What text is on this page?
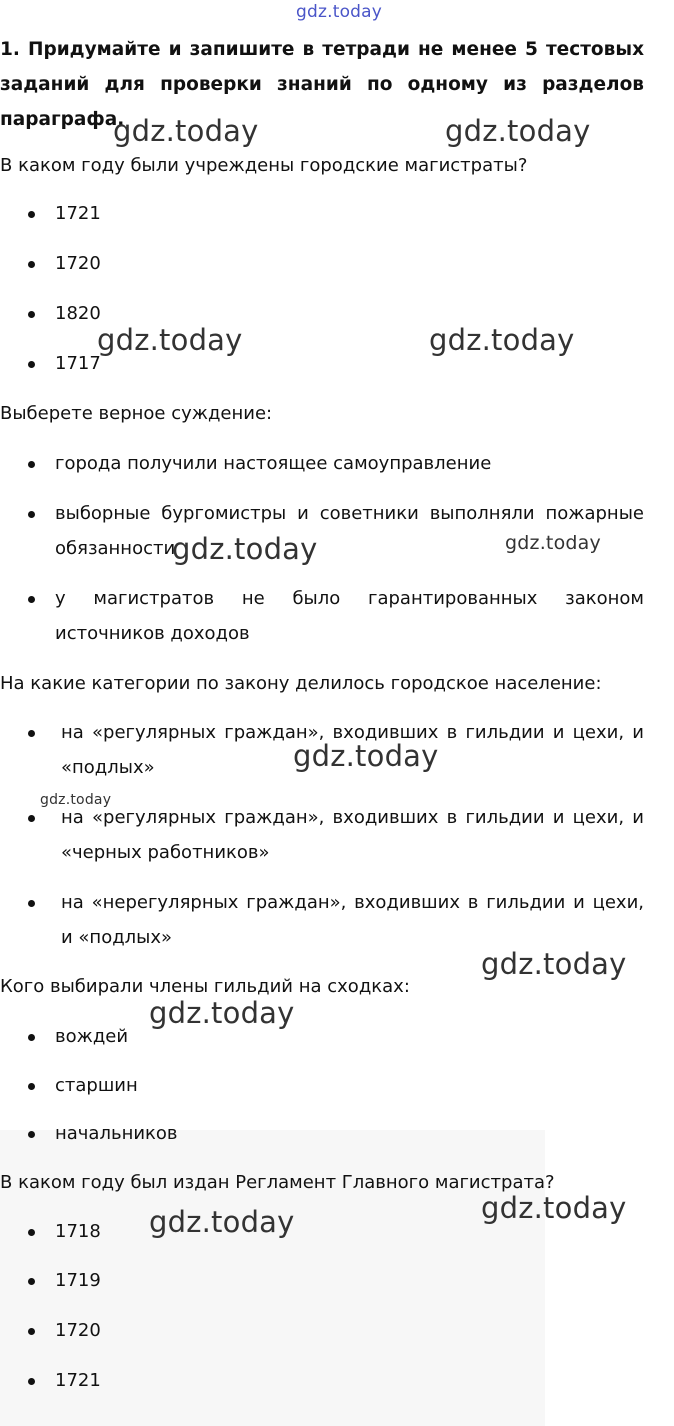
gdz.today
1. Придумайте и запишите в тетради не менее 5 тестовых заданий для проверки знаний по одному из разделов параграфа.
В каком году были учреждены городские магистраты?
1721
1720
1820
1717
Выберете верное суждение:
города получили настоящее самоуправление
выборные бургомистры и советники выполняли пожарные обязанности
у магистратов не было гарантированных законом источников доходов
На какие категории по закону делилось городское население:
на «регулярных граждан», входивших в гильдии и цехи, и «подлых»
на «регулярных граждан», входивших в гильдии и цехи, и «черных работников»
на «нерегулярных граждан», входивших в гильдии и цехи, и «подлых»
Кого выбирали члены гильдий на сходках:
вождей
старшин
начальников
В каком году был издан Регламент Главного магистрата?
1718
1719
1720
1721
gdz.today	gdz.today
gdz.today	gdz.today
gdz.today	gdz.today
gdz.today
gdz.today
gdz.today
gdz.today
gdz.today	gdz.today
